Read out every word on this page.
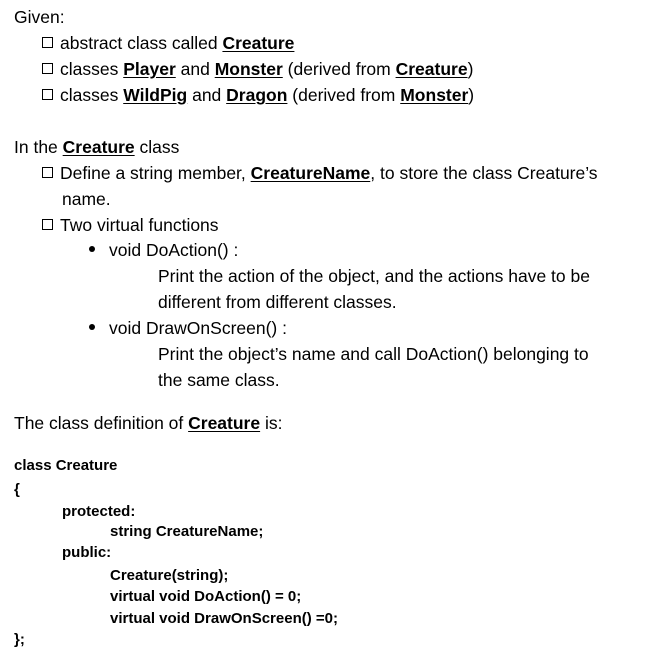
Given:
abstract class called Creature
classes Player and Monster (derived from Creature)
classes WildPig and Dragon (derived from Monster)
In the Creature class
Define a string member, CreatureName, to store the class Creature’s
name.
Two virtual functions
void DoAction() :
Print the action of the object, and the actions have to be
different from different classes.
void DrawOnScreen() :
Print the object’s name and call DoAction() belonging to
the same class.
The class definition of Creature is:
class Creature
{
protected:
string CreatureName;
public:
Creature(string);
virtual void DoAction() = 0;
virtual void DrawOnScreen() =0;
};
